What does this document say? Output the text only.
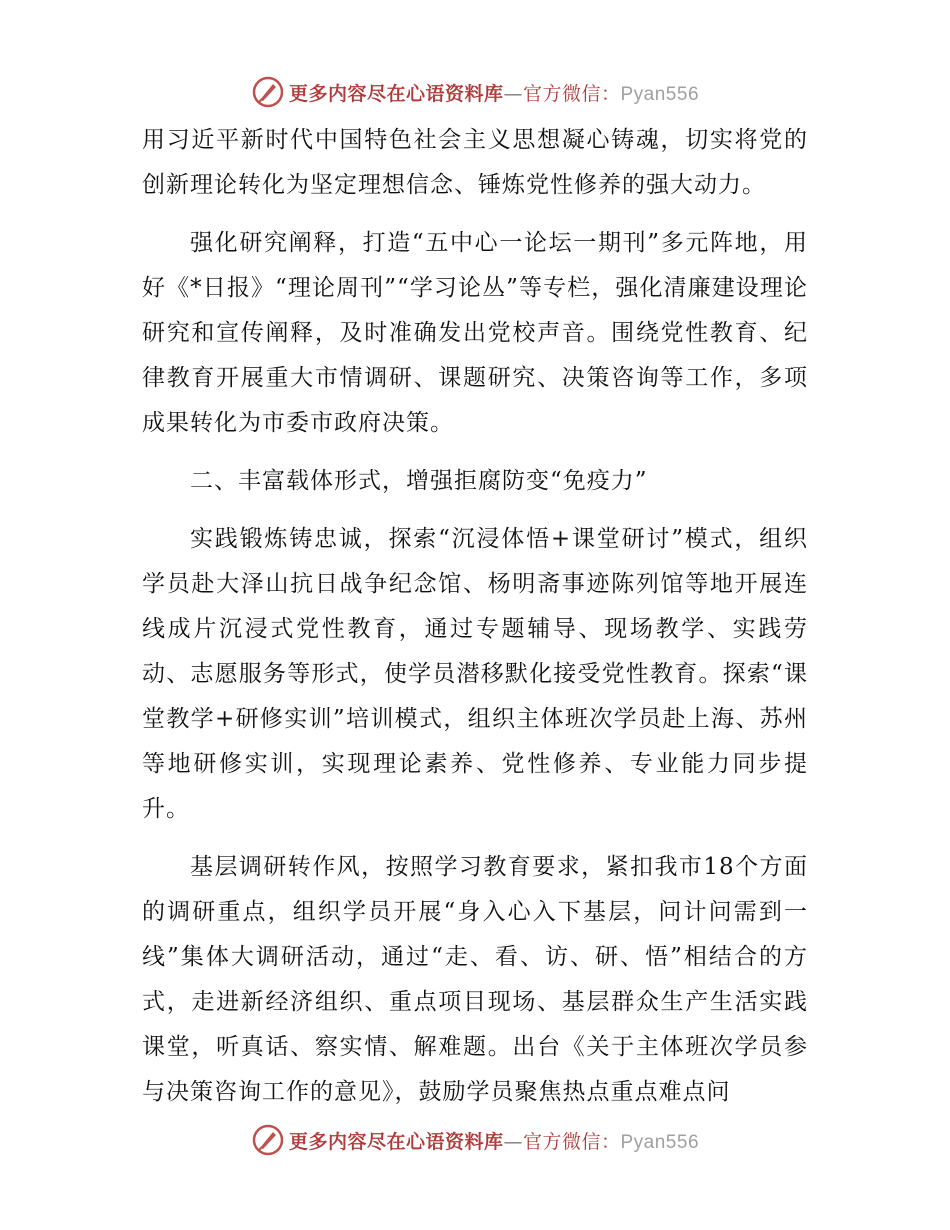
更多内容尽在心语资料库—官方微信：Pyan556

用习近平新时代中国特色社会主义思想凝心铸魂，切实将党的创新理论转化为坚定理想信念、锤炼党性修养的强大动力。

强化研究阐释，打造“五中心一论坛一期刊”多元阵地，用好《*日报》“理论周刊”“学习论丛”等专栏，强化清廉建设理论研究和宣传阐释，及时准确发出党校声音。围绕党性教育、纪律教育开展重大市情调研、课题研究、决策咨询等工作，多项成果转化为市委市政府决策。

二、丰富载体形式，增强拒腐防变“免疫力”

实践锻炼铸忠诚，探索“沉浸体悟+课堂研讨”模式，组织学员赴大泽山抗日战争纪念馆、杨明斋事迹陈列馆等地开展连线成片沉浸式党性教育，通过专题辅导、现场教学、实践劳动、志愿服务等形式，使学员潜移默化接受党性教育。探索“课堂教学+研修实训”培训模式，组织主体班次学员赴上海、苏州等地研修实训，实现理论素养、党性修养、专业能力同步提升。

基层调研转作风，按照学习教育要求，紧扣我市18个方面的调研重点，组织学员开展“身入心入下基层，问计问需到一线”集体大调研活动，通过“走、看、访、研、悟”相结合的方式，走进新经济组织、重点项目现场、基层群众生产生活实践课堂，听真话、察实情、解难题。出台《关于主体班次学员参与决策咨询工作的意见》，鼓励学员聚焦热点重点难点问

更多内容尽在心语资料库—官方微信：Pyan556
